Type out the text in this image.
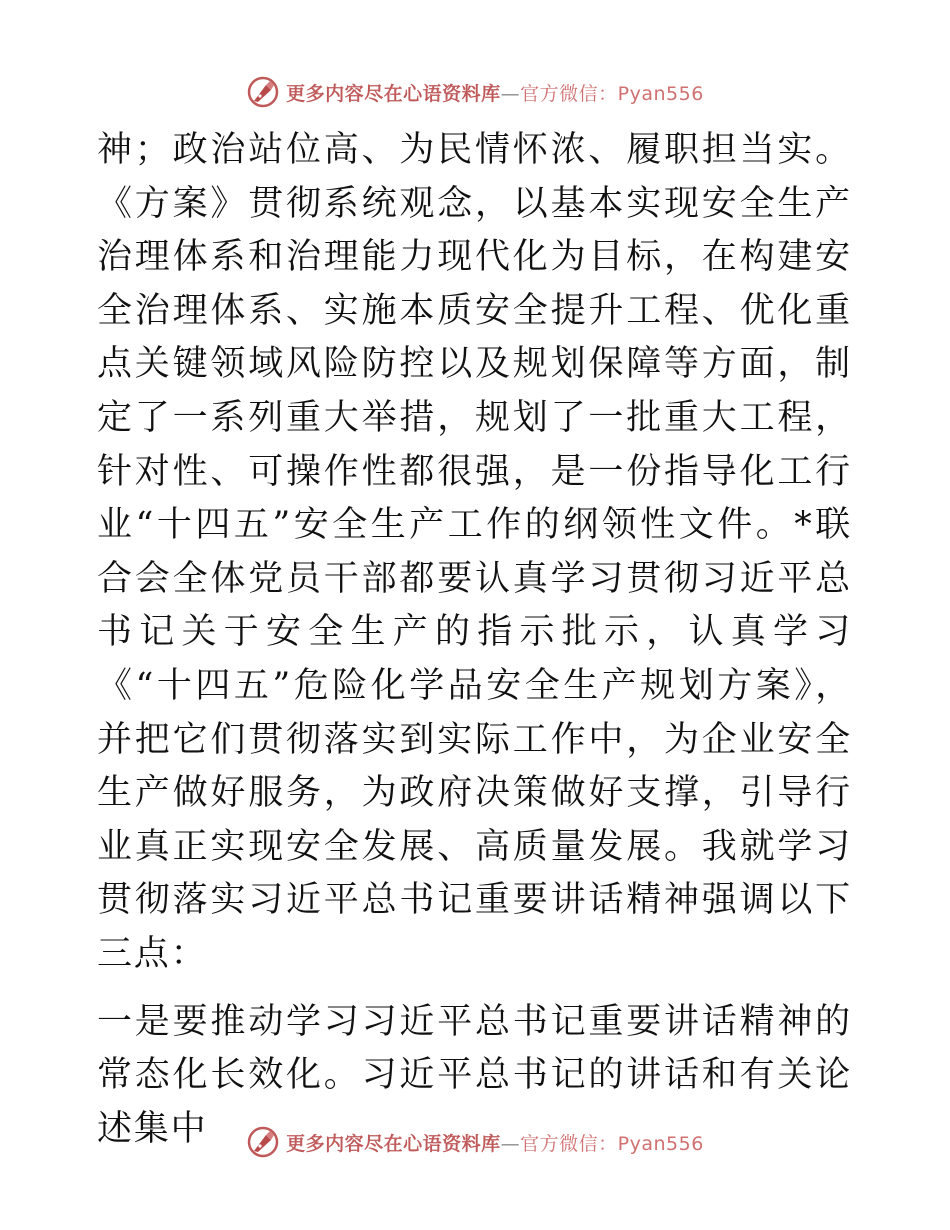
更多内容尽在心语资料库—官方微信：Pyan556

神；政治站位高、为民情怀浓、履职担当实。《方案》贯彻系统观念，以基本实现安全生产治理体系和治理能力现代化为目标，在构建安全治理体系、实施本质安全提升工程、优化重点关键领域风险防控以及规划保障等方面，制定了一系列重大举措，规划了一批重大工程，针对性、可操作性都很强，是一份指导化工行业“十四五”安全生产工作的纲领性文件。*联合会全体党员干部都要认真学习贯彻习近平总书记关于安全生产的指示批示，认真学习《“十四五”危险化学品安全生产规划方案》，并把它们贯彻落实到实际工作中，为企业安全生产做好服务，为政府决策做好支撑，引导行业真正实现安全发展、高质量发展。我就学习贯彻落实习近平总书记重要讲话精神强调以下三点：

一是要推动学习习近平总书记重要讲话精神的常态化长效化。习近平总书记的讲话和有关论述集中	更多内容尽在心语资料库—官方微信：Pyan556
